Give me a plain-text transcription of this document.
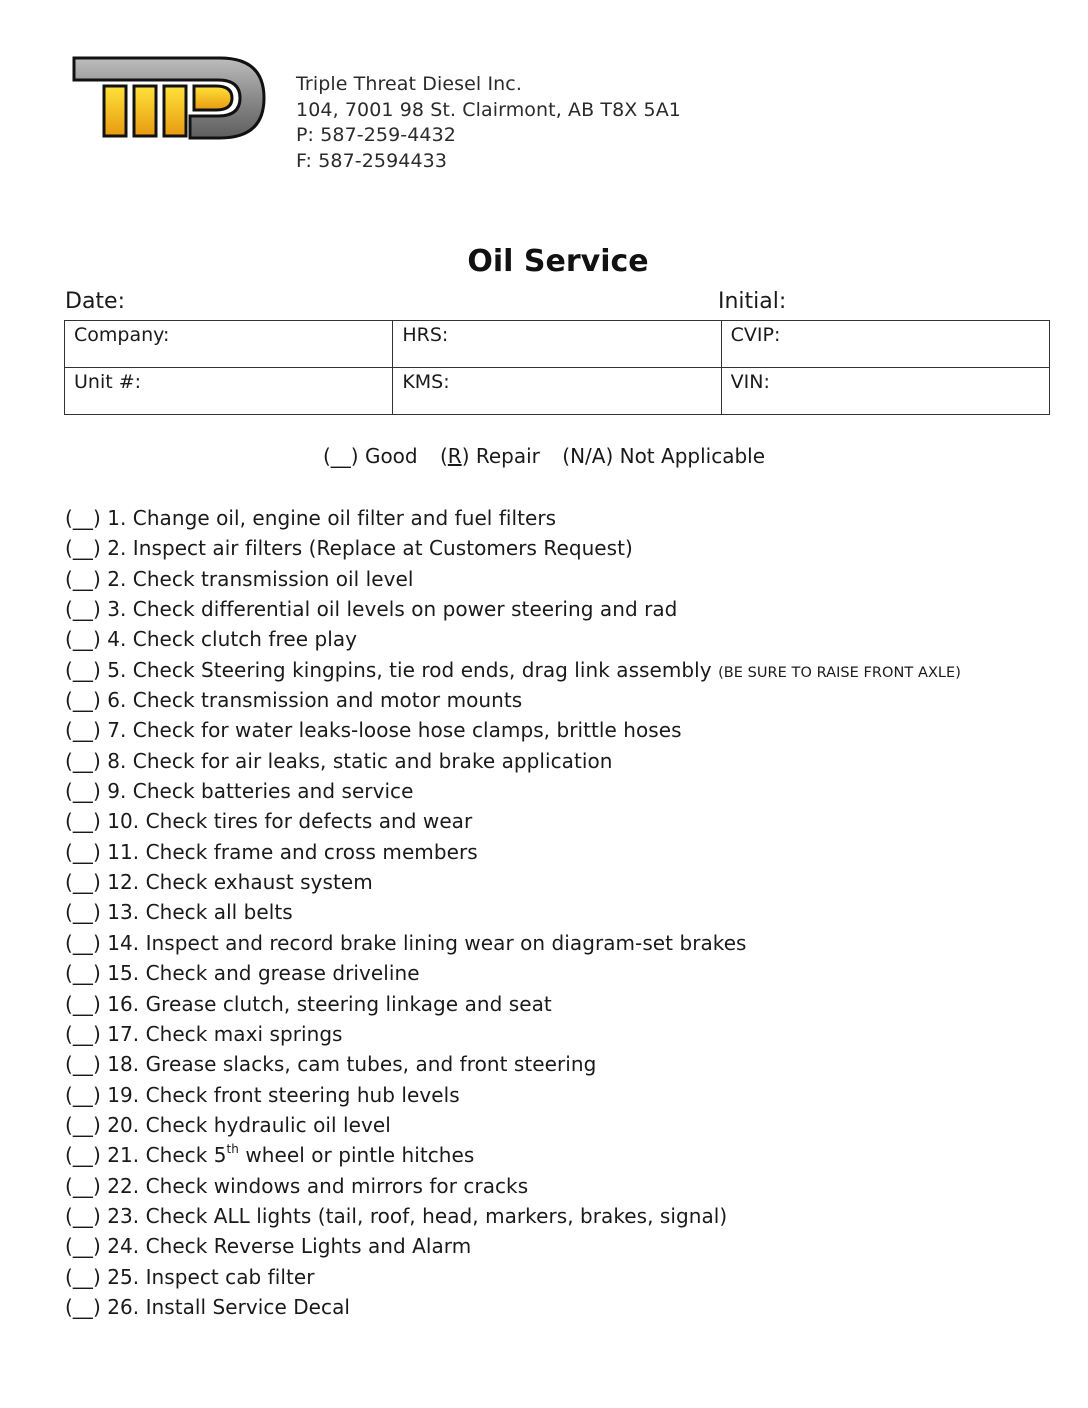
Triple Threat Diesel Inc.
104, 7001 98 St. Clairmont, AB T8X 5A1
P: 587-259-4432
F: 587-2594433
Oil Service
Date:	Initial:
Company:	HRS:	CVIP:
Unit #:	KMS:	VIN:
(__) Good (R) Repair (N/A) Not Applicable
(__) 1. Change oil, engine oil filter and fuel filters
(__) 2. Inspect air filters (Replace at Customers Request)
(__) 2. Check transmission oil level
(__) 3. Check differential oil levels on power steering and rad
(__) 4. Check clutch free play
(__) 5. Check Steering kingpins, tie rod ends, drag link assembly (BE SURE TO RAISE FRONT AXLE)
(__) 6. Check transmission and motor mounts
(__) 7. Check for water leaks-loose hose clamps, brittle hoses
(__) 8. Check for air leaks, static and brake application
(__) 9. Check batteries and service
(__) 10. Check tires for defects and wear
(__) 11. Check frame and cross members
(__) 12. Check exhaust system
(__) 13. Check all belts
(__) 14. Inspect and record brake lining wear on diagram-set brakes
(__) 15. Check and grease driveline
(__) 16. Grease clutch, steering linkage and seat
(__) 17. Check maxi springs
(__) 18. Grease slacks, cam tubes, and front steering
(__) 19. Check front steering hub levels
(__) 20. Check hydraulic oil level
(__) 21. Check 5th wheel or pintle hitches
(__) 22. Check windows and mirrors for cracks
(__) 23. Check ALL lights (tail, roof, head, markers, brakes, signal)
(__) 24. Check Reverse Lights and Alarm
(__) 25. Inspect cab filter
(__) 26. Install Service Decal
